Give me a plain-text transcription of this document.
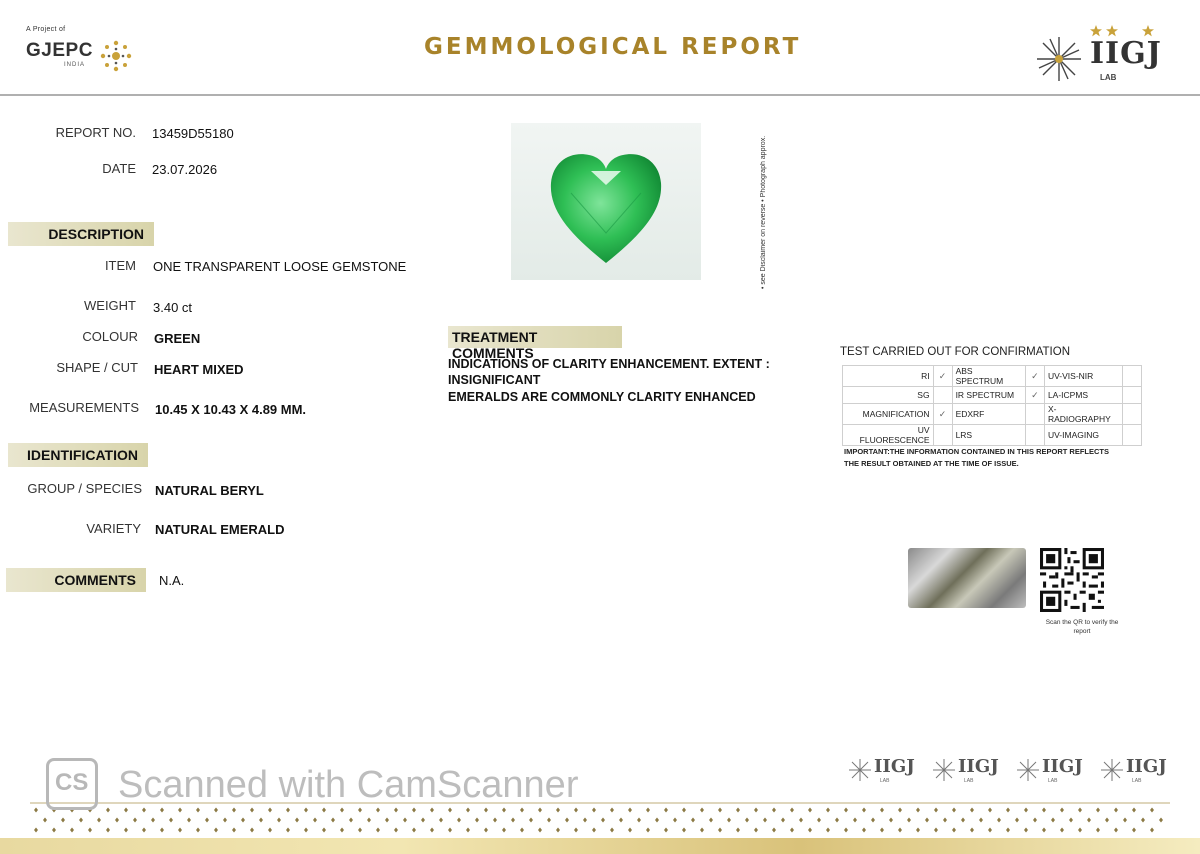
A Project of
GJEPC
INDIA
GEMMOLOGICAL REPORT	IIGJ
LAB
REPORT NO. 13459D55180
DATE 23.07.2026
DESCRIPTION
ITEM ONE TRANSPARENT LOOSE GEMSTONE
WEIGHT 3.40 ct
COLOUR GREEN
SHAPE / CUT HEART MIXED
MEASUREMENTS 10.45 X 10.43 X 4.89 MM.
IDENTIFICATION
GROUP / SPECIES NATURAL BERYL
VARIETY NATURAL EMERALD
COMMENTS N.A.
• see Disclaimer on reverse • Photograph approx.
TREATMENT COMMENTS
INDICATIONS OF CLARITY ENHANCEMENT. EXTENT :
INSIGNIFICANT
EMERALDS ARE COMMONLY CLARITY ENHANCED
TEST CARRIED OUT FOR CONFIRMATION
RI	✓	ABS SPECTRUM	✓	UV-VIS-NIR	
SG		IR SPECTRUM	✓	LA-ICPMS	
MAGNIFICATION	✓	EDXRF		X-RADIOGRAPHY	
UV FLUORESCENCE		LRS		UV-IMAGING	
IMPORTANT:THE INFORMATION CONTAINED IN THIS REPORT REFLECTS THE RESULT OBTAINED AT THE TIME OF ISSUE.
Scan the QR to verify the report
IIGJ
LAB
IIGJ
LAB
IIGJ
LAB
IIGJ
LAB
CS Scanned with CamScanner
